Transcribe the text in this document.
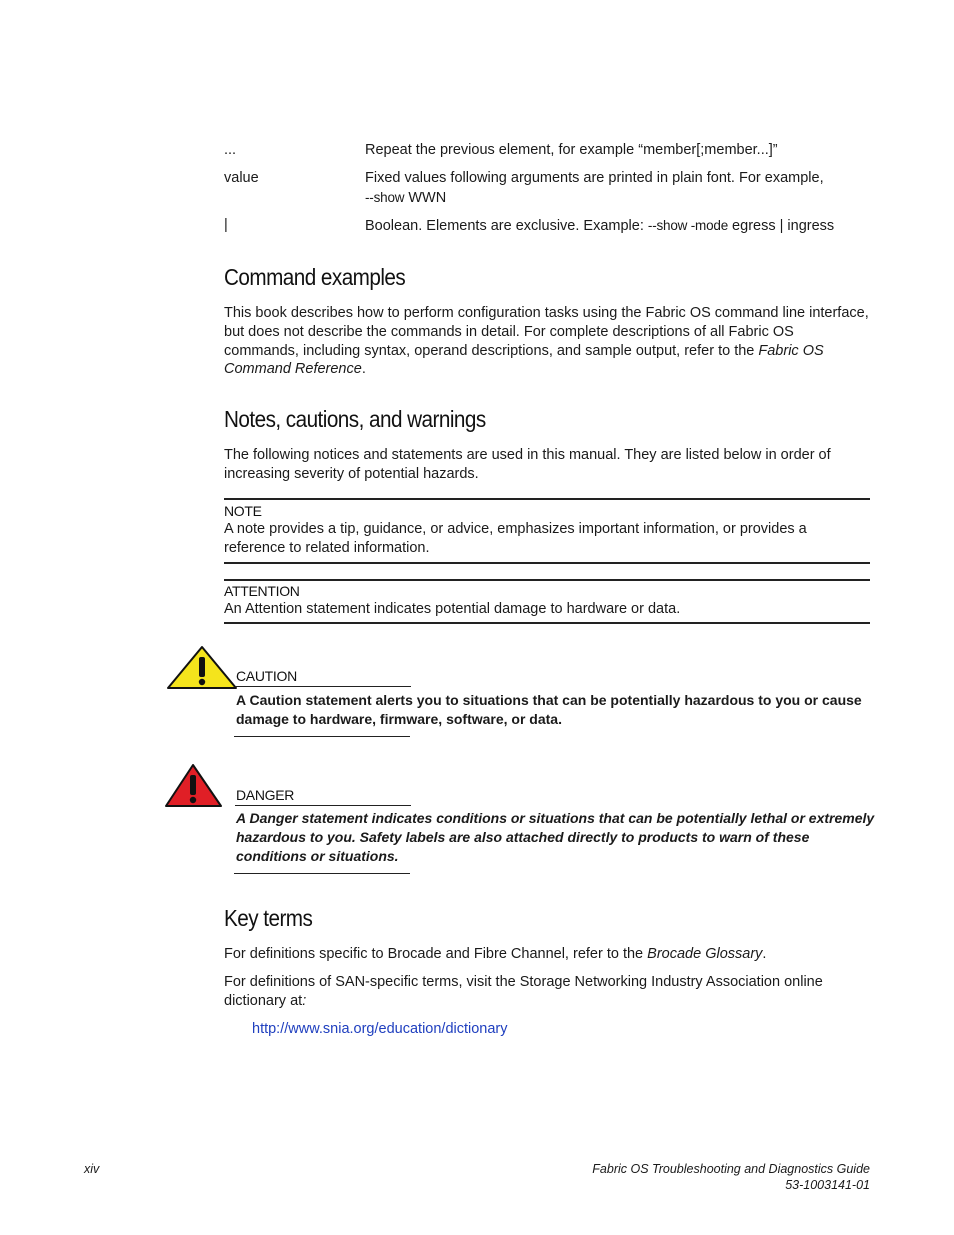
...	Repeat the previous element, for example “member[;member...]”
value	Fixed values following arguments are printed in plain font. For example,
--show WWN
|	Boolean. Elements are exclusive. Example: --show -mode egress | ingress
Command examples

This book describes how to perform configuration tasks using the Fabric OS command line interface, but does not describe the commands in detail. For complete descriptions of all Fabric OS commands, including syntax, operand descriptions, and sample output, refer to the Fabric OS Command Reference.

Notes, cautions, and warnings

The following notices and statements are used in this manual. They are listed below in order of increasing severity of potential hazards.

NOTE

A note provides a tip, guidance, or advice, emphasizes important information, or provides a reference to related information.

ATTENTION

An Attention statement indicates potential damage to hardware or data.

CAUTION

A Caution statement alerts you to situations that can be potentially hazardous to you or cause damage to hardware, firmware, software, or data.

DANGER

A Danger statement indicates conditions or situations that can be potentially lethal or extremely hazardous to you. Safety labels are also attached directly to products to warn of these conditions or situations.

Key terms

For definitions specific to Brocade and Fibre Channel, refer to the Brocade Glossary.

For definitions of SAN-specific terms, visit the Storage Networking Industry Association online dictionary at:

http://www.snia.org/education/dictionary
xiv	Fabric OS Troubleshooting and Diagnostics Guide
53-1003141-01
